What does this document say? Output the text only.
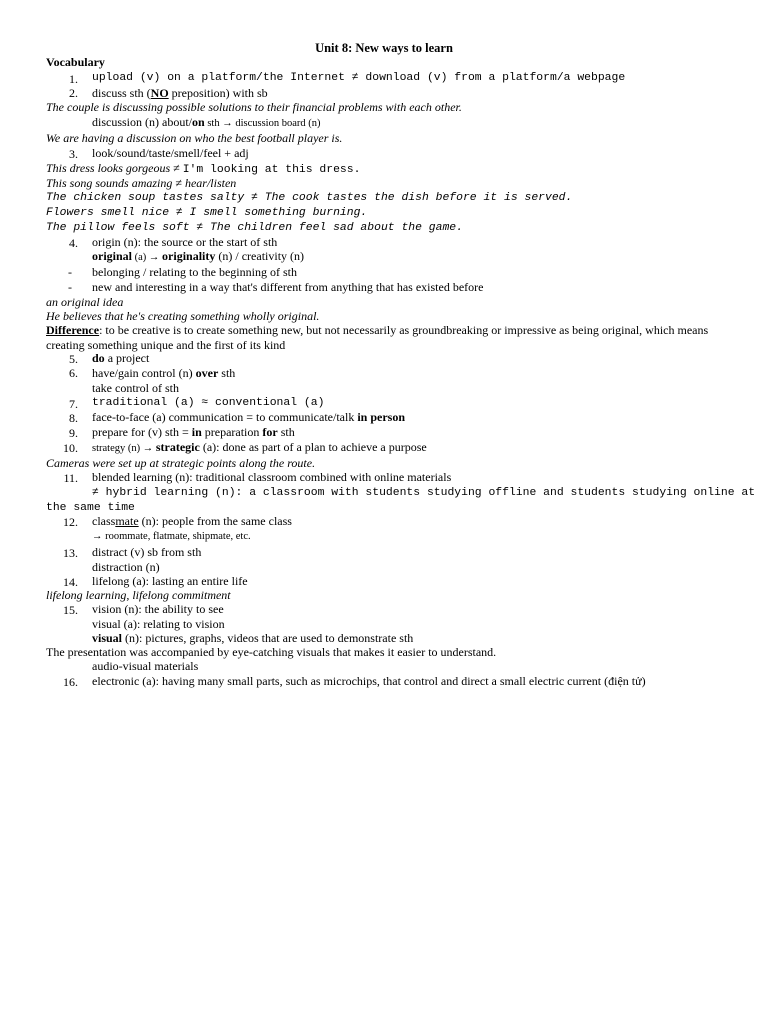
Unit 8: New ways to learn
Vocabulary
1. upload (v) on a platform/the Internet ≠ download (v) from a platform/a webpage
2. discuss sth (NO preposition) with sb
The couple is discussing possible solutions to their financial problems with each other.
discussion (n) about/on sth → discussion board (n)
We are having a discussion on who the best football player is.
3. look/sound/taste/smell/feel + adj
This dress looks gorgeous ≠ I'm looking at this dress.
This song sounds amazing ≠ hear/listen
The chicken soup tastes salty ≠ The cook tastes the dish before it is served.
Flowers smell nice ≠ I smell something burning.
The pillow feels soft ≠ The children feel sad about the game.
4. origin (n): the source or the start of sth
original (a) → originality (n) / creativity (n)
- belonging / relating to the beginning of sth
- new and interesting in a way that's different from anything that has existed before
an original idea
He believes that he's creating something wholly original.
Difference: to be creative is to create something new, but not necessarily as groundbreaking or impressive as being original, which means creating something unique and the first of its kind
5. do a project
6. have/gain control (n) over sth
take control of sth
7. traditional (a) ≈ conventional (a)
8. face-to-face (a) communication = to communicate/talk in person
9. prepare for (v) sth = in preparation for sth
10. strategy (n) → strategic (a): done as part of a plan to achieve a purpose
Cameras were set up at strategic points along the route.
11. blended learning (n): traditional classroom combined with online materials
≠ hybrid learning (n): a classroom with students studying offline and students studying online at
the same time
12. classmate (n): people from the same class
→ roommate, flatmate, shipmate, etc.
13. distract (v) sb from sth
distraction (n)
14. lifelong (a): lasting an entire life
lifelong learning, lifelong commitment
15. vision (n): the ability to see
visual (a): relating to vision
visual (n): pictures, graphs, videos that are used to demonstrate sth
The presentation was accompanied by eye-catching visuals that makes it easier to understand.
audio-visual materials
16. electronic (a): having many small parts, such as microchips, that control and direct a small electric current (điện tử)
